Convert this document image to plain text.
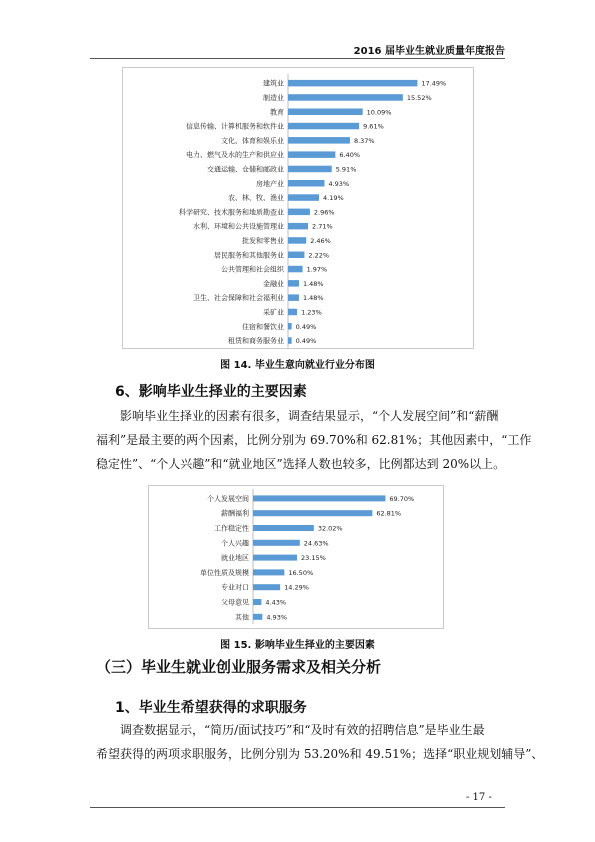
2016 届毕业生就业质量年度报告
建筑业	17.49%
制造业	15.52%
教育	10.09%
信息传输、计算机服务和软件业	9.61%
文化、体育和娱乐业	8.37%
电力、燃气及水的生产和供应业	6.40%
交通运输、仓储和邮政业	5.91%
房地产业	4.93%
农、林、牧、渔业	4.19%
科学研究、技术服务和地质勘查业	2.96%
水利、环境和公共设施管理业	2.71%
批发和零售业	2.46%
居民服务和其他服务业	2.22%
公共管理和社会组织	1.97%
金融业	1.48%
卫生、社会保障和社会福利业	1.48%
采矿业	1.23%
住宿和餐饮业 0.49%
租赁和商务服务业 0.49%
图 14. 毕业生意向就业行业分布图
6、影响毕业生择业的主要因素
影响毕业生择业的因素有很多，调查结果显示，“个人发展空间”和“薪酬
福利”是最主要的两个因素，比例分别为 69.70%和 62.81%；其他因素中，“工作
稳定性”、“个人兴趣”和“就业地区”选择人数也较多，比例都达到 20%以上。
个人发展空间	69.70%
薪酬福利	62.81%
工作稳定性	32.02%
个人兴趣	24.63%
就业地区	23.15%
单位性质及规模	16.50%
专业对口	14.29%
父母意见	4.43%
其他	4.93%
图 15. 影响毕业生择业的主要因素
（三）毕业生就业创业服务需求及相关分析
1、毕业生希望获得的求职服务
调查数据显示，“简历/面试技巧”和“及时有效的招聘信息”是毕业生最
希望获得的两项求职服务，比例分别为 53.20%和 49.51%；选择“职业规划辅导”、
- 17 -
